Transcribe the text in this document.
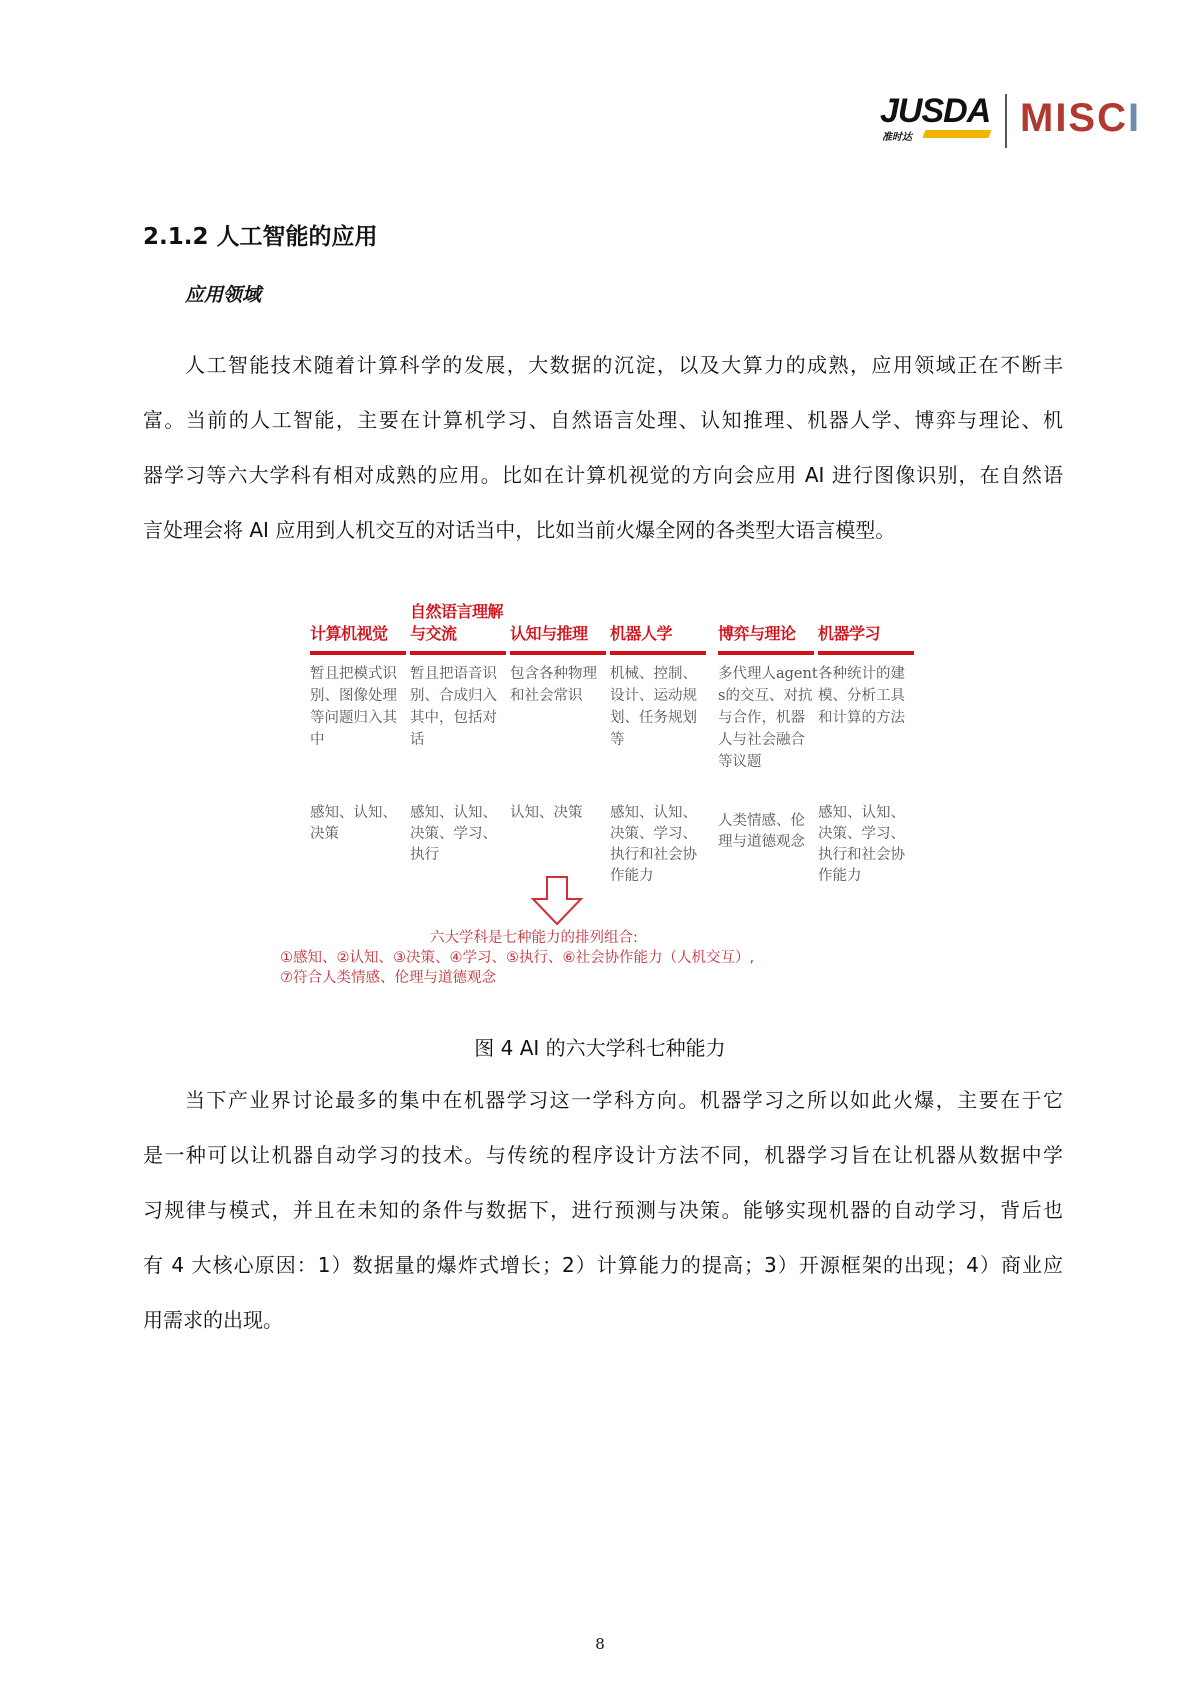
JUSDA
准时达	MISCI
2.1.2 人工智能的应用
应用领域
人工智能技术随着计算科学的发展，大数据的沉淀，以及大算力的成熟，应用领域正在不断丰
富。当前的人工智能，主要在计算机学习、自然语言处理、认知推理、机器人学、博弈与理论、机
器学习等六大学科有相对成熟的应用。比如在计算机视觉的方向会应用 AI 进行图像识别，在自然语
言处理会将 AI 应用到人机交互的对话当中，比如当前火爆全网的各类型大语言模型。
计算机视觉
暂且把模式识别、图像处理等问题归入其中
感知、认知、决策
自然语言理解与交流
暂且把语音识别、合成归入其中，包括对话
感知、认知、决策、学习、执行
认知与推理
包含各种物理和社会常识
认知、决策
机器人学
机械、控制、设计、运动规划、任务规划等
感知、认知、决策、学习、执行和社会协作能力
博弈与理论
多代理人agents的交互、对抗与合作，机器人与社会融合等议题
人类情感、伦理与道德观念
机器学习
各种统计的建模、分析工具和计算的方法
感知、认知、决策、学习、执行和社会协作能力
六大学科是七种能力的排列组合:
①感知、②认知、③决策、④学习、⑤执行、⑥社会协作能力（人机交互）,
⑦符合人类情感、伦理与道德观念
图 4 AI 的六大学科七种能力
当下产业界讨论最多的集中在机器学习这一学科方向。机器学习之所以如此火爆，主要在于它
是一种可以让机器自动学习的技术。与传统的程序设计方法不同，机器学习旨在让机器从数据中学
习规律与模式，并且在未知的条件与数据下，进行预测与决策。能够实现机器的自动学习，背后也
有 4 大核心原因：1）数据量的爆炸式增长；2）计算能力的提高；3）开源框架的出现；4）商业应
用需求的出现。
8
